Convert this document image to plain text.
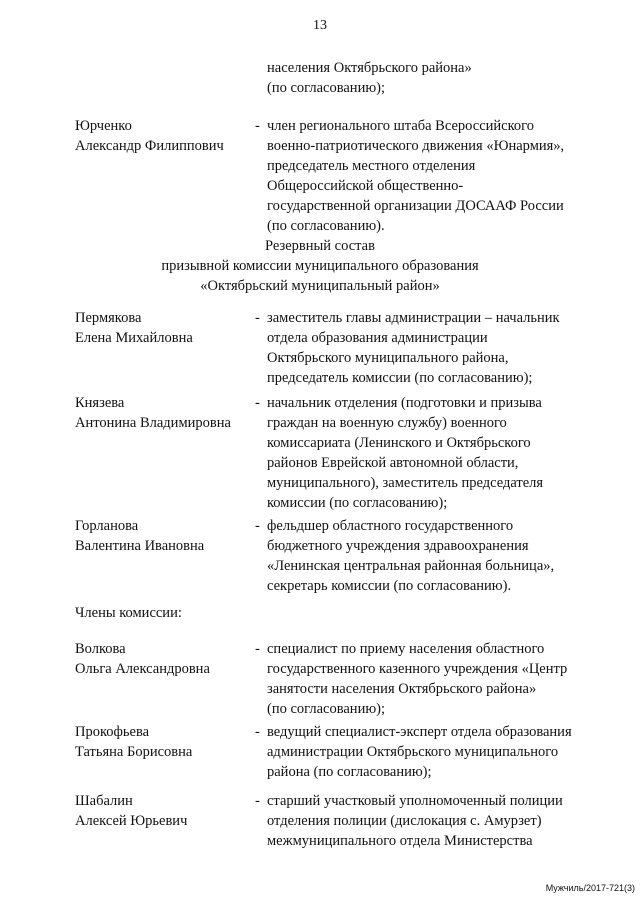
13
населения Октябрьского района»
(по согласованию);
Юрченко
Александр Филиппович
- член регионального штаба Всероссийского
военно-патриотического движения «Юнармия»,
председатель местного отделения
Общероссийской общественно-
государственной организации ДОСААФ России
(по согласованию).
Резервный состав
призывной комиссии муниципального образования
«Октябрьский муниципальный район»
Пермякова
Елена Михайловна
- заместитель главы администрации – начальник
отдела образования администрации
Октябрьского муниципального района,
председатель комиссии (по согласованию);
Князева
Антонина Владимировна
- начальник отделения (подготовки и призыва
граждан на военную службу) военного
комиссариата (Ленинского и Октябрьского
районов Еврейской автономной области,
муниципального), заместитель председателя
комиссии (по согласованию);
Горланова
Валентина Ивановна
- фельдшер областного государственного
бюджетного учреждения здравоохранения
«Ленинская центральная районная больница»,
секретарь комиссии (по согласованию).
Члены комиссии:
Волкова
Ольга Александровна
- специалист по приему населения областного
государственного казенного учреждения «Центр
занятости населения Октябрьского района»
(по согласованию);
Прокофьева
Татьяна Борисовна
- ведущий специалист-эксперт отдела образования
администрации Октябрьского муниципального
района (по согласованию);
Шабалин
Алексей Юрьевич
- старший участковый уполномоченный полиции
отделения полиции (дислокация с. Амурзет)
межмуниципального отдела Министерства
Мужчиль/2017-721(3)
